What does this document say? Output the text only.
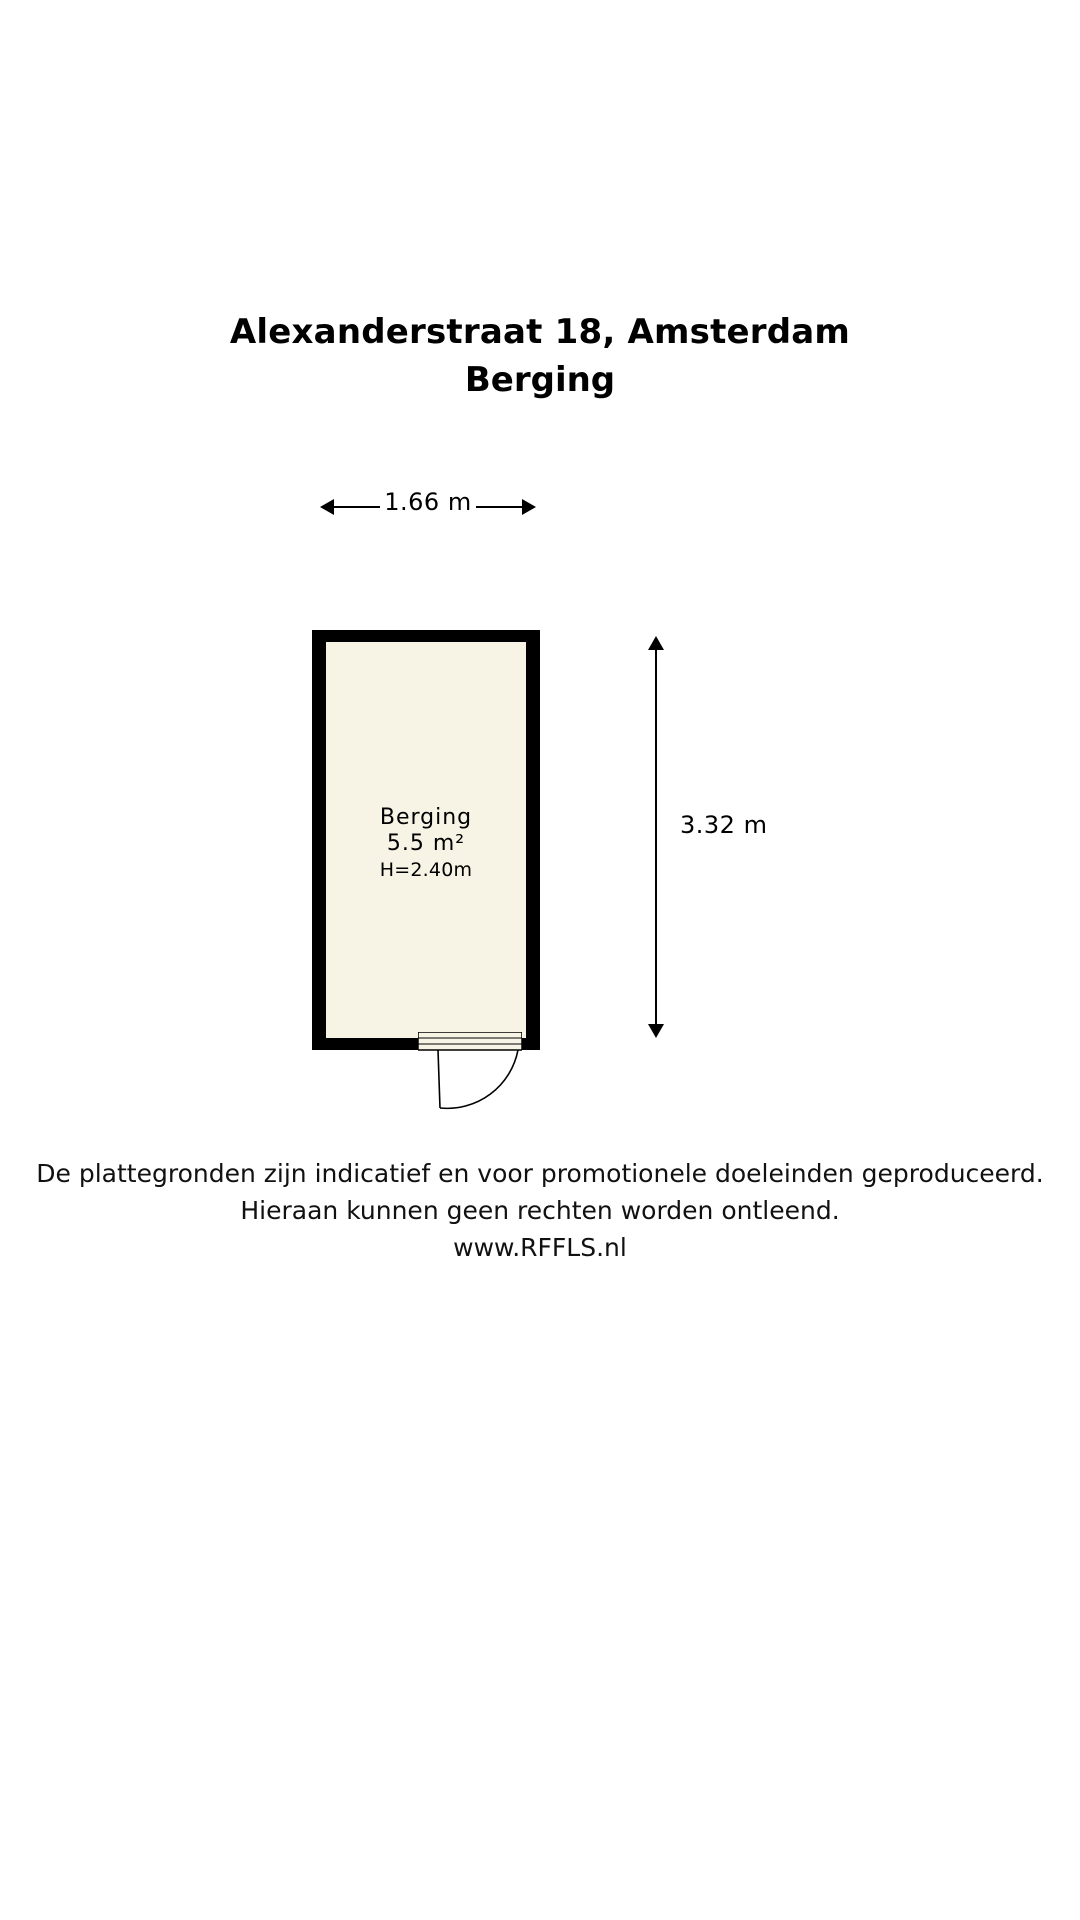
Alexanderstraat 18, Amsterdam
Berging
1.66 m
3.32 m
Berging
5.5 m²
H=2.40m
De plattegronden zijn indicatief en voor promotionele doeleinden geproduceerd.
Hieraan kunnen geen rechten worden ontleend.
www.RFFLS.nl
